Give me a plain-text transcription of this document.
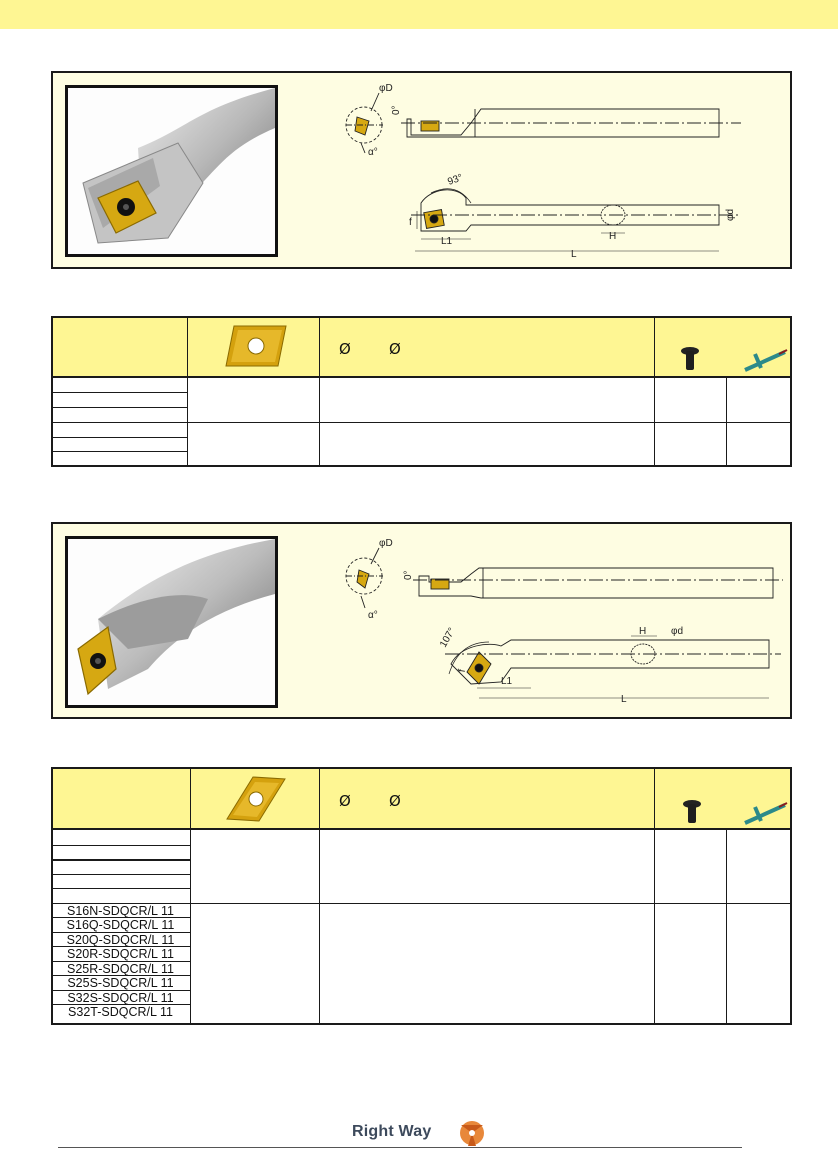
φD
α°
0°
93°
f
L1	H
φd
L
Ø	Ø
φD
α°
0°
107°
f
L1
H φd
L
Ø	Ø
S16N-SDQCR/L 11
S16Q-SDQCR/L 11
S20Q-SDQCR/L 11
S20R-SDQCR/L 11
S25R-SDQCR/L 11
S25S-SDQCR/L 11
S32S-SDQCR/L 11
S32T-SDQCR/L 11
Right Way
